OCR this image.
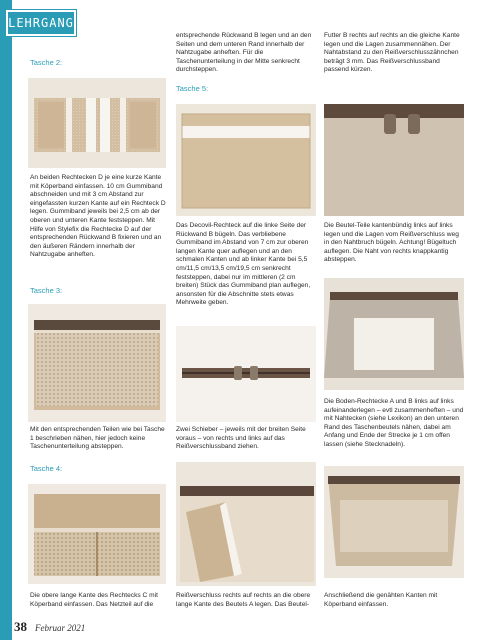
LEHRGANG
Tasche 2:
An beiden Rechtecken D je eine kurze Kante mit Köperband einfassen. 10 cm Gummiband abschneiden und mit 3 cm Abstand zur eingefassten kurzen Kante auf ein Rechteck D legen. Gummiband jeweils bei 2,5 cm ab der oberen und unteren Kante feststeppen. Mit Hilfe von Stylefix die Rechtecke D auf der entsprechenden Rückwand B fixieren und an den äußeren Rändern innerhalb der Nahtzugabe anheften.
Tasche 3:
Mit den entsprechenden Teilen wie bei Tasche 1 beschrieben nähen, hier jedoch keine Taschenunterteilung absteppen.
Tasche 4:
Die obere lange Kante des Rechtecks C mit Köperband einfassen. Das Netzteil auf die
entsprechende Rückwand B legen und an den Seiten und dem unteren Rand innerhalb der Nahtzugabe anheften. Für die Taschenunterteilung in der Mitte senkrecht durchsteppen.
Tasche 5:
Das Decovil-Rechteck auf die linke Seite der Rückwand B bügeln. Das verbliebene Gummiband im Abstand von 7 cm zur oberen langen Kante quer auflegen und an den schmalen Kanten und ab linker Kante bei 5,5 cm/11,5 cm/13,5 cm/19,5 cm senkrecht feststeppen, dabei nur im mittleren (2 cm breiten) Stück das Gummiband plan auflegen, ansonsten für die Abschnitte stets etwas Mehrweite geben.
Zwei Schieber – jeweils mit der breiten Seite voraus – von rechts und links auf das Reißverschlussband ziehen.
Reißverschluss rechts auf rechts an die obere lange Kante des Beutels A legen. Das Beutel-
Futter B rechts auf rechts an die gleiche Kante legen und die Lagen zusammennähen. Der Nahtabstand zu den Reißverschlusszähnchen beträgt 3 mm. Das Reißverschlussband passend kürzen.
Die Beutel-Teile kantenbündig links auf links legen und die Lagen vom Reißverschluss weg in den Nahtbruch bügeln. Achtung! Bügeltuch auflegen. Die Naht von rechts knappkantig absteppen.
Die Boden-Rechtecke A und B links auf links aufeinanderlegen – evtl zusammenheften – und mit Nahtecken (siehe Lexikon) an den unteren Rand des Taschenbeutels nähen, dabei am Anfang und Ende der Strecke je 1 cm offen lassen (siehe Stecknadeln).
Anschließend die genähten Kanten mit Köperband einfassen.
38 Februar 2021
